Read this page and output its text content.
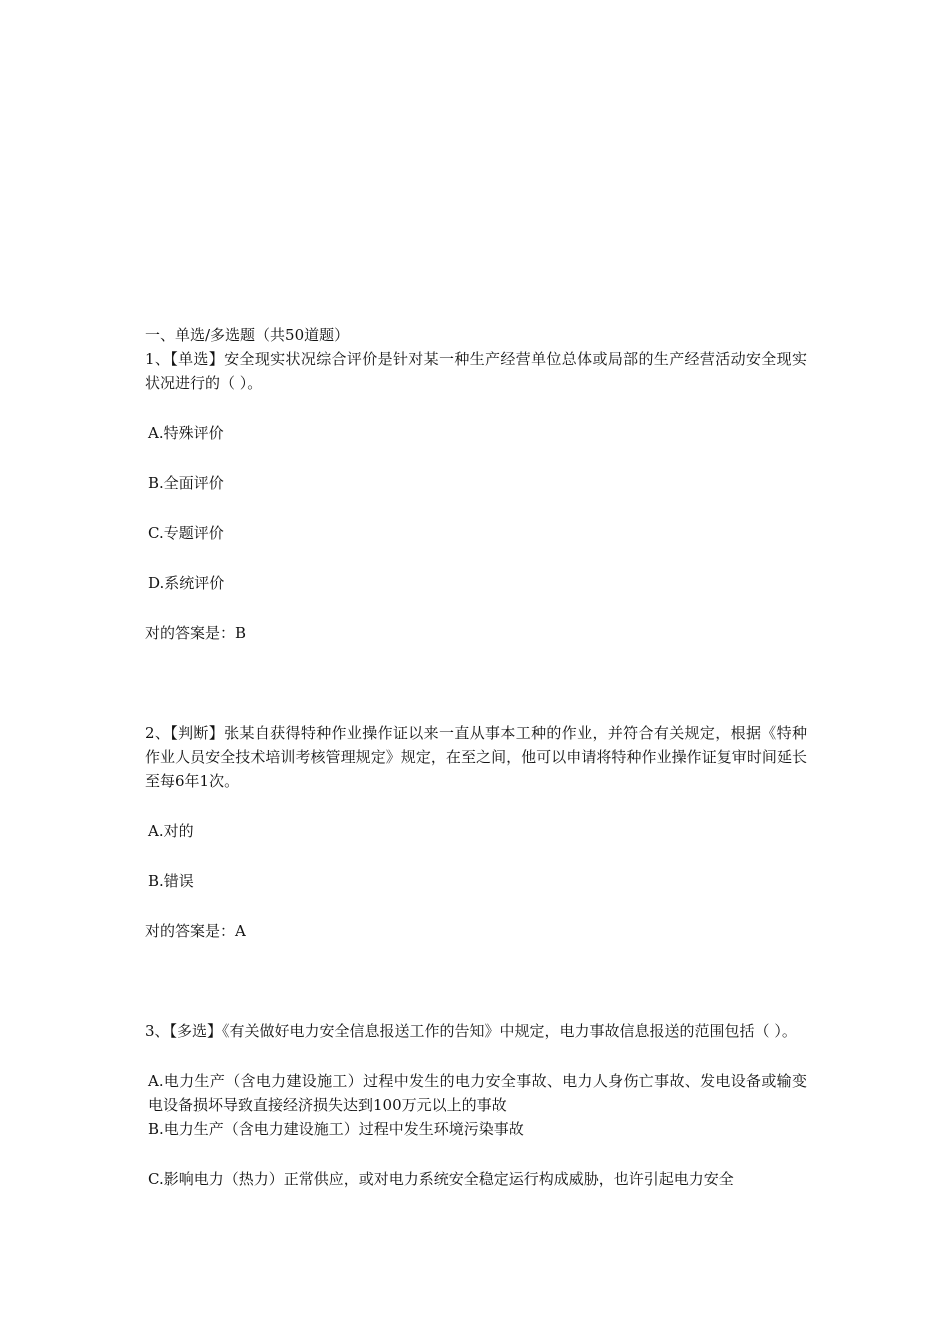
一、单选/多选题（共50道题）

1、【单选】安全现实状况综合评价是针对某一种生产经营单位总体或局部的生产经营活动安全现实状况进行的（ ）。

A.特殊评价

B.全面评价

C.专题评价

D.系统评价

对的答案是：B

2、【判断】张某自获得特种作业操作证以来一直从事本工种的作业，并符合有关规定，根据《特种作业人员安全技术培训考核管理规定》规定，在至之间，他可以申请将特种作业操作证复审时间延长至每6年1次。

A.对的

B.错误

对的答案是：A

3、【多选】《有关做好电力安全信息报送工作的告知》中规定，电力事故信息报送的范围包括（ ）。

A.电力生产（含电力建设施工）过程中发生的电力安全事故、电力人身伤亡事故、发电设备或输变电设备损坏导致直接经济损失达到100万元以上的事故

B.电力生产（含电力建设施工）过程中发生环境污染事故

C.影响电力（热力）正常供应，或对电力系统安全稳定运行构成威胁，也许引起电力安全
